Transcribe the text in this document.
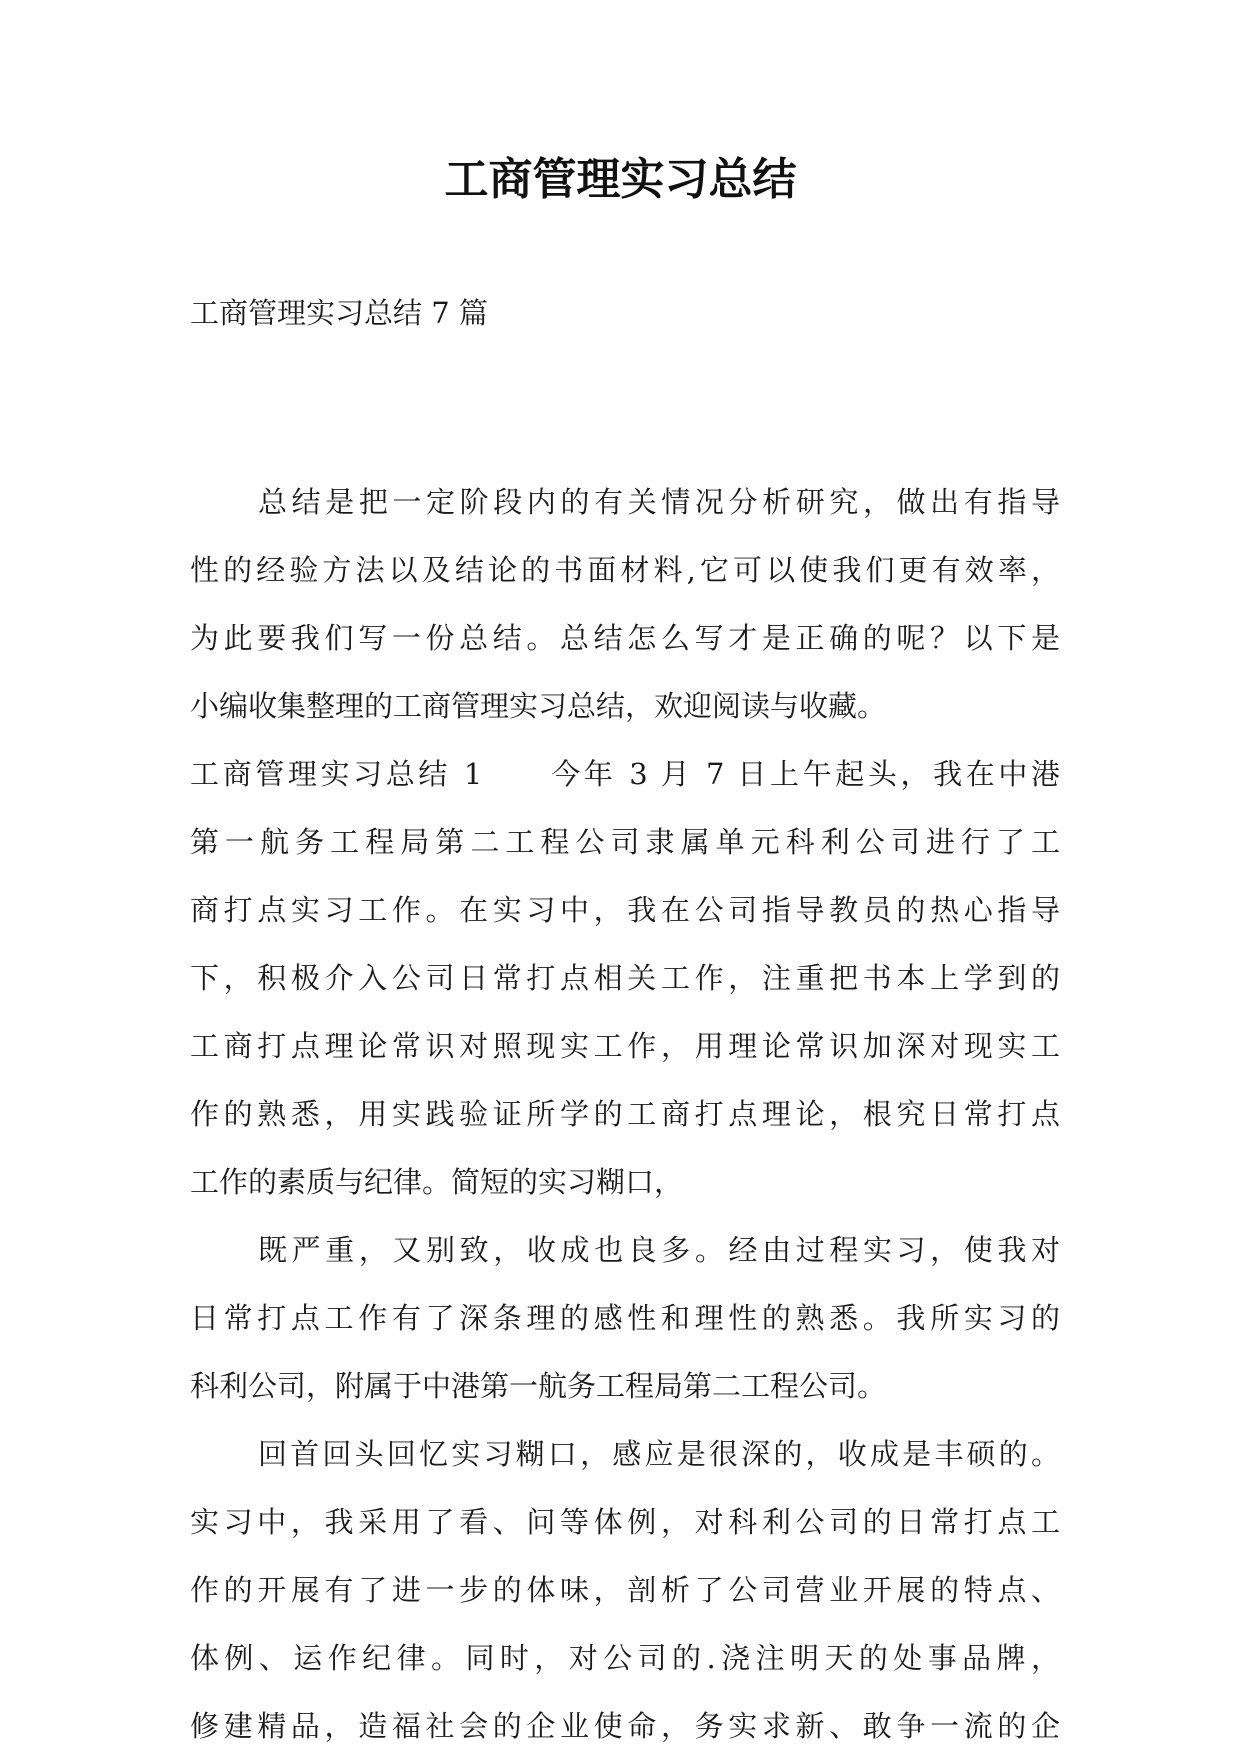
工商管理实习总结
工商管理实习总结 7 篇
总结是把一定阶段内的有关情况分析研究，做出有指导
性的经验方法以及结论的书面材料,它可以使我们更有效率，
为此要我们写一份总结。总结怎么写才是正确的呢？以下是
小编收集整理的工商管理实习总结，欢迎阅读与收藏。
工商管理实习总结 1　　今年 3 月 7 日上午起头，我在中港
第一航务工程局第二工程公司隶属单元科利公司进行了工
商打点实习工作。在实习中，我在公司指导教员的热心指导
下，积极介入公司日常打点相关工作，注重把书本上学到的
工商打点理论常识对照现实工作，用理论常识加深对现实工
作的熟悉，用实践验证所学的工商打点理论，根究日常打点
工作的素质与纪律。简短的实习糊口，
既严重，又别致，收成也良多。经由过程实习，使我对
日常打点工作有了深条理的感性和理性的熟悉。我所实习的
科利公司，附属于中港第一航务工程局第二工程公司。
回首回头回忆实习糊口，感应是很深的，收成是丰硕的。
实习中，我采用了看、问等体例，对科利公司的日常打点工
作的开展有了进一步的体味，剖析了公司营业开展的特点、
体例、运作纪律。同时，对公司的.浇注明天的处事品牌，
修建精品，造福社会的企业使命，务实求新、敢争一流的企
